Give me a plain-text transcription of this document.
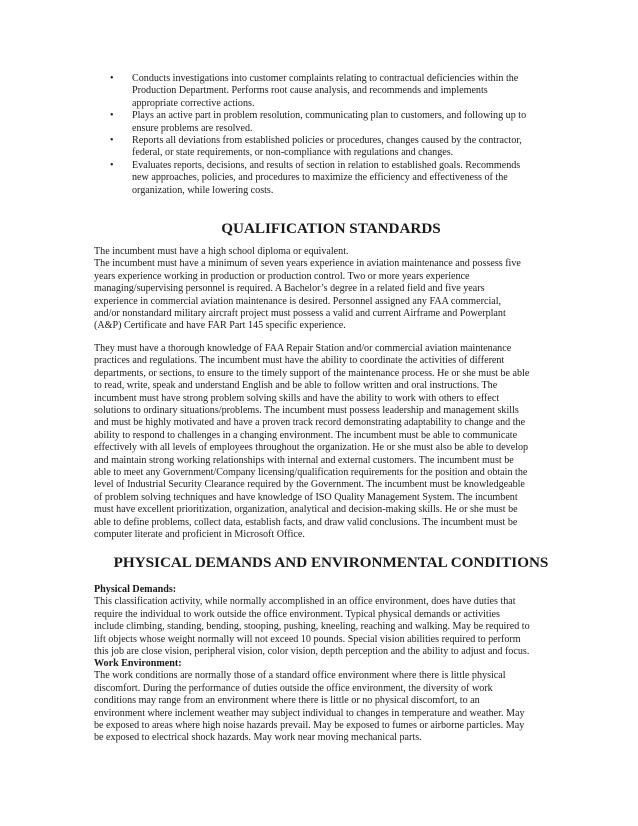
• Conducts investigations into customer complaints relating to contractual deficiencies within the
Production Department. Performs root cause analysis, and recommends and implements
appropriate corrective actions.
• Plays an active part in problem resolution, communicating plan to customers, and following up to
ensure problems are resolved.
• Reports all deviations from established policies or procedures, changes caused by the contractor,
federal, or state requirements, or non-compliance with regulations and changes.
• Evaluates reports, decisions, and results of section in relation to established goals. Recommends
new approaches, policies, and procedures to maximize the efficiency and effectiveness of the
organization, while lowering costs.
QUALIFICATION STANDARDS

The incumbent must have a high school diploma or equivalent.
The incumbent must have a minimum of seven years experience in aviation maintenance and possess five
years experience working in production or production control. Two or more years experience
managing/supervising personnel is required. A Bachelor’s degree in a related field and five years
experience in commercial aviation maintenance is desired. Personnel assigned any FAA commercial,
and/or nonstandard military aircraft project must possess a valid and current Airframe and Powerplant
(A&P) Certificate and have FAR Part 145 specific experience.

They must have a thorough knowledge of FAA Repair Station and/or commercial aviation maintenance
practices and regulations. The incumbent must have the ability to coordinate the activities of different
departments, or sections, to ensure to the timely support of the maintenance process. He or she must be able
to read, write, speak and understand English and be able to follow written and oral instructions. The
incumbent must have strong problem solving skills and have the ability to work with others to effect
solutions to ordinary situations/problems. The incumbent must possess leadership and management skills
and must be highly motivated and have a proven track record demonstrating adaptability to change and the
ability to respond to challenges in a changing environment. The incumbent must be able to communicate
effectively with all levels of employees throughout the organization. He or she must also be able to develop
and maintain strong working relationships with internal and external customers. The incumbent must be
able to meet any Government/Company licensing/qualification requirements for the position and obtain the
level of Industrial Security Clearance required by the Government. The incumbent must be knowledgeable
of problem solving techniques and have knowledge of ISO Quality Management System. The incumbent
must have excellent prioritization, organization, analytical and decision-making skills. He or she must be
able to define problems, collect data, establish facts, and draw valid conclusions. The incumbent must be
computer literate and proficient in Microsoft Office.

PHYSICAL DEMANDS AND ENVIRONMENTAL CONDITIONS

Physical Demands:
This classification activity, while normally accomplished in an office environment, does have duties that
require the individual to work outside the office environment. Typical physical demands or activities
include climbing, standing, bending, stooping, pushing, kneeling, reaching and walking. May be required to
lift objects whose weight normally will not exceed 10 pounds. Special vision abilities required to perform
this job are close vision, peripheral vision, color vision, depth perception and the ability to adjust and focus.

Work Environment:
The work conditions are normally those of a standard office environment where there is little physical
discomfort. During the performance of duties outside the office environment, the diversity of work
conditions may range from an environment where there is little or no physical discomfort, to an
environment where inclement weather may subject individual to changes in temperature and weather. May
be exposed to areas where high noise hazards prevail. May be exposed to fumes or airborne particles. May
be exposed to electrical shock hazards. May work near moving mechanical parts.
